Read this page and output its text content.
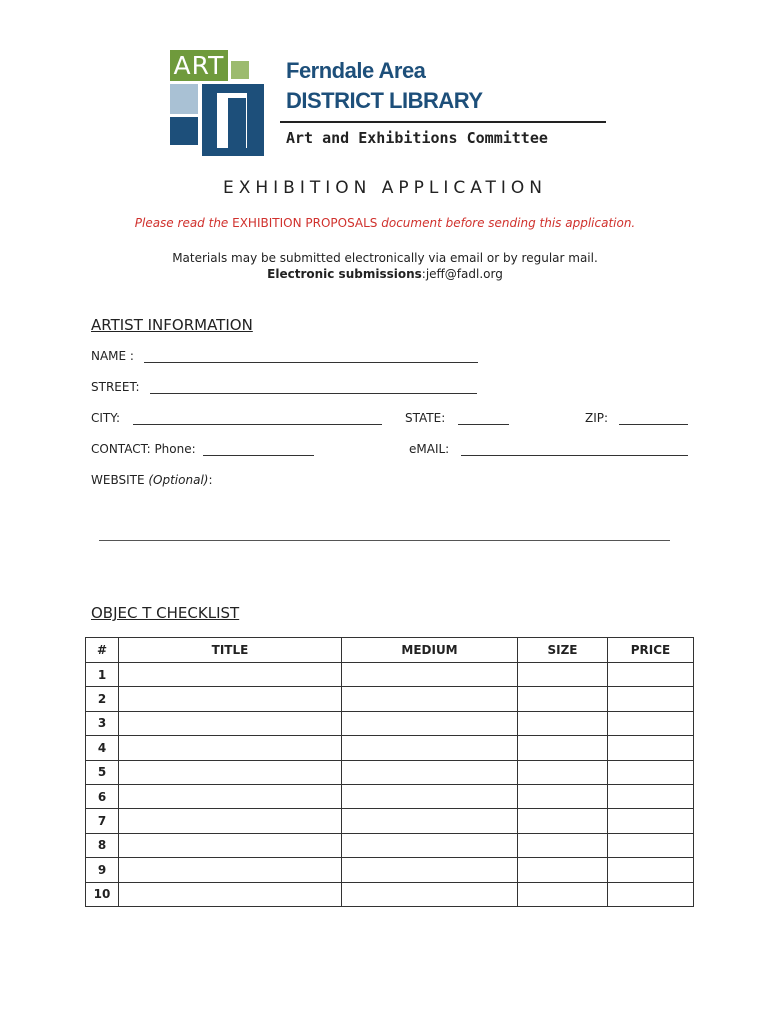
ART	Ferndale Area
DISTRICT LIBRARY
Art and Exhibitions Committee
EXHIBITION APPLICATION
Please read the EXHIBITION PROPOSALS document before sending this application.
Materials may be submitted electronically via email or by regular mail.
Electronic submissions:jeff@fadl.org
ARTIST INFORMATION
NAME :
STREET:
CITY:	STATE:	ZIP:
CONTACT: Phone:	eMAIL:
WEBSITE (Optional):
OBJEC T CHECKLIST
#	TITLE	MEDIUM	SIZE	PRICE
1				
2				
3				
4				
5				
6				
7				
8				
9				
10				
